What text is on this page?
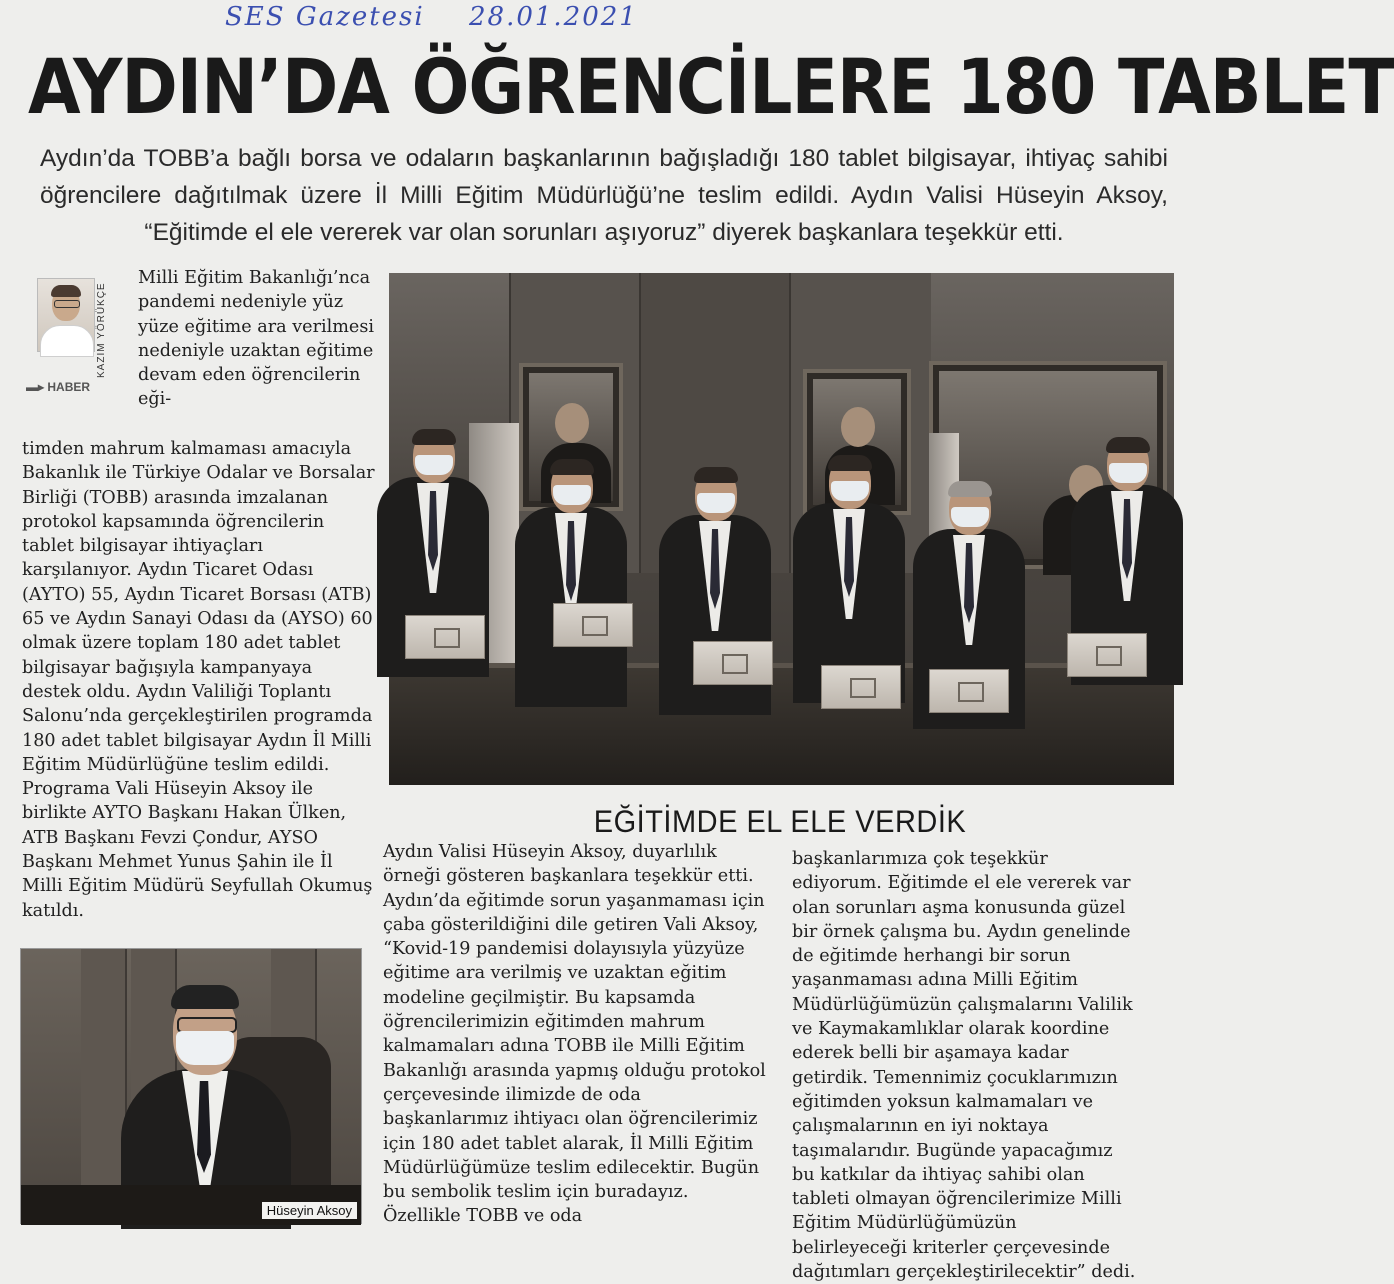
SES Gazetesi 28.01.2021
AYDIN’DA ÖĞRENCİLERE 180 TABLET
Aydın’da TOBB’a bağlı borsa ve odaların başkanlarının bağışladığı 180 tablet bilgisayar, ihtiyaç sahibi öğrencilere dağıtılmak üzere İl Milli Eğitim Müdürlüğü’ne teslim edildi. Aydın Valisi Hüseyin Aksoy, “Eğitimde el ele vererek var olan sorunları aşıyoruz” diyerek başkanlara teşekkür etti.
KAZIM YÖRÜKÇE
▬▸ HABER

Milli Eğitim Bakanlığı’nca pandemi nedeniyle yüz yüze eğitime ara verilmesi nedeniyle uzaktan eğitime devam eden öğrencilerin eği-

timden mahrum kalmaması amacıyla Bakanlık ile Türkiye Odalar ve Borsalar Birliği (TOBB) arasında imzalanan protokol kapsamında öğrencilerin tablet bilgisayar ihtiyaçları karşılanıyor. Aydın Ticaret Odası (AYTO) 55, Aydın Ticaret Borsası (ATB) 65 ve Aydın Sanayi Odası da (AYSO) 60 olmak üzere toplam 180 adet tablet bilgisayar bağışıyla kampanyaya destek oldu. Aydın Valiliği Toplantı Salonu’nda gerçekleştirilen programda 180 adet tablet bilgisayar Aydın İl Milli Eğitim Müdürlüğüne teslim edildi. Programa Vali Hüseyin Aksoy ile birlikte AYTO Başkanı Hakan Ülken, ATB Başkanı Fevzi Çondur, AYSO Başkanı Mehmet Yunus Şahin ile İl Milli Eğitim Müdürü Seyfullah Okumuş katıldı.

EĞİTİMDE EL ELE VERDİK

Aydın Valisi Hüseyin Aksoy, duyarlılık örneği gösteren başkanlara teşekkür etti. Aydın’da eğitimde sorun yaşanmaması için çaba gösterildiğini dile getiren Vali Aksoy, “Kovid-19 pandemisi dolayısıyla yüzyüze eğitime ara verilmiş ve uzaktan eğitim modeline geçilmiştir. Bu kapsamda öğrencilerimizin eğitimden mahrum kalmamaları adına TOBB ile Milli Eğitim Bakanlığı arasında yapmış olduğu protokol çerçevesinde ilimizde de oda başkanlarımız ihtiyacı olan öğrencilerimiz için 180 adet tablet alarak, İl Milli Eğitim Müdürlüğümüze teslim edilecektir. Bugün bu sembolik teslim için buradayız. Özellikle TOBB ve oda

başkanlarımıza çok teşekkür ediyorum. Eğitimde el ele vererek var olan sorunları aşma konusunda güzel bir örnek çalışma bu. Aydın genelinde de eğitimde herhangi bir sorun yaşanmaması adına Milli Eğitim Müdürlüğümüzün çalışmalarını Valilik ve Kaymakamlıklar olarak koordine ederek belli bir aşamaya kadar getirdik. Temennimiz çocuklarımızın eğitimden yoksun kalmamaları ve çalışmalarının en iyi noktaya taşımalarıdır. Bugünde yapacağımız bu katkılar da ihtiyaç sahibi olan tableti olmayan öğrencilerimize Milli Eğitim Müdürlüğümüzün belirleyeceği kriterler çerçevesinde dağıtımları gerçekleştirilecektir” dedi.

Hüseyin Aksoy
